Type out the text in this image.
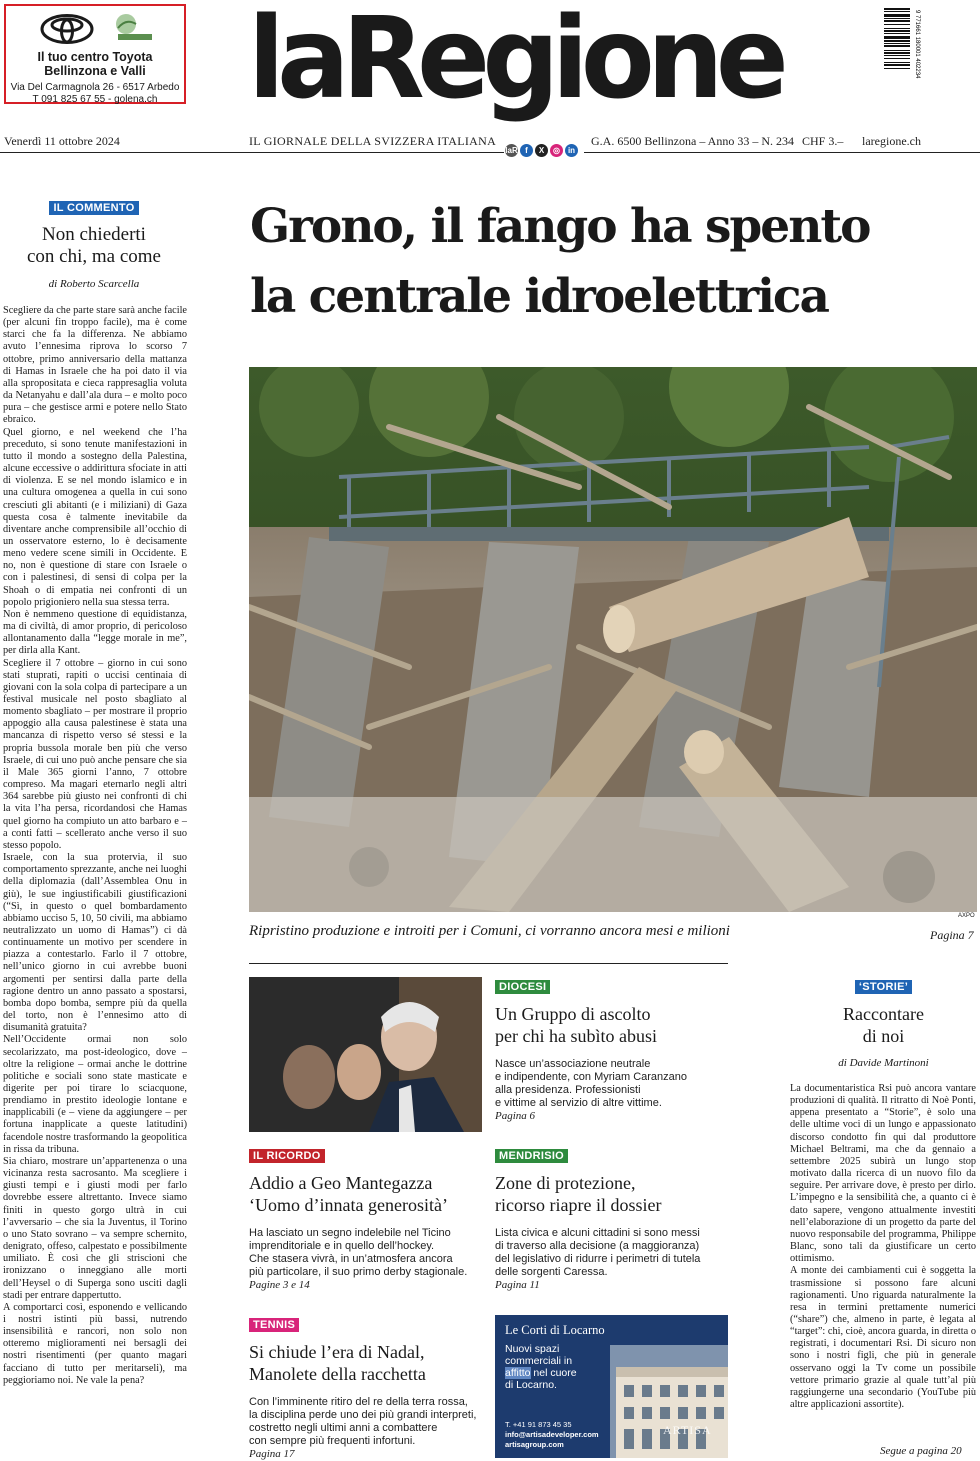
Il tuo centro Toyota
Bellinzona e Valli
Via Del Carmagnola 26 - 6517 Arbedo
T 091 825 67 55 - golena.ch laRegione	9 771661 180001 402234
Venerdì 11 ottobre 2024	IL GIORNALE DELLA SVIZZERA ITALIANA	G.A. 6500 Bellinzona – Anno 33 – N. 234 CHF 3.– laregione.ch
laR f	X	◎ in
IL COMMENTO
Non chiederti
con chi, ma come
di Roberto Scarcella

Scegliere da che parte stare sarà anche facile (per alcuni fin troppo facile), ma è come starci che fa la differenza. Ne abbiamo avuto l’ennesima riprova lo scorso 7 ottobre, primo anniversario della mattanza di Hamas in Israele che ha poi dato il via alla spropositata e cieca rappresaglia voluta da Netanyahu e dall’ala dura – e molto poco pura – che gestisce armi e potere nello Stato ebraico.

Quel giorno, e nel weekend che l’ha preceduto, si sono tenute manifestazioni in tutto il mondo a sostegno della Palestina, alcune eccessive o addirittura sfociate in atti di violenza. E se nel mondo islamico e in una cultura omogenea a quella in cui sono cresciuti gli abitanti (e i miliziani) di Gaza questa cosa è talmente inevitabile da diventare anche comprensibile all’occhio di un osservatore esterno, lo è decisamente meno vedere scene simili in Occidente. E no, non è questione di stare con Israele o con i palestinesi, di sensi di colpa per la Shoah o di empatia nei confronti di un popolo prigioniero nella sua stessa terra.

Non è nemmeno questione di equidistanza, ma di civiltà, di amor proprio, di pericoloso allontanamento dalla “legge morale in me”, per dirla alla Kant.

Scegliere il 7 ottobre – giorno in cui sono stati stuprati, rapiti o uccisi centinaia di giovani con la sola colpa di partecipare a un festival musicale nel posto sbagliato al momento sbagliato – per mostrare il proprio appoggio alla causa palestinese è stata una mancanza di rispetto verso sé stessi e la propria bussola morale ben più che verso Israele, di cui uno può anche pensare che sia il Male 365 giorni l’anno, 7 ottobre compreso. Ma magari eternarlo negli altri 364 sarebbe più giusto nei confronti di chi la vita l’ha persa, ricordandosi che Hamas quel giorno ha compiuto un atto barbaro e – a conti fatti – scellerato anche verso il suo stesso popolo.

Israele, con la sua protervia, il suo comportamento sprezzante, anche nei luoghi della diplomazia (dall’Assemblea Onu in giù), le sue ingiustificabili giustificazioni (“Sì, in questo o quel bombardamento abbiamo ucciso 5, 10, 50 civili, ma abbiamo neutralizzato un uomo di Hamas”) ci dà continuamente un motivo per scendere in piazza a contestarlo. Farlo il 7 ottobre, nell’unico giorno in cui avrebbe buoni argomenti per sentirsi dalla parte della ragione dentro un anno passato a spostarsi, bomba dopo bomba, sempre più da quella del torto, non è l’ennesimo atto di disumanità gratuita?

Nell’Occidente ormai non solo secolarizzato, ma post-ideologico, dove – oltre la religione – ormai anche le dottrine politiche e sociali sono state masticate e digerite per poi tirare lo sciacquone, prendiamo in prestito ideologie lontane e inapplicabili (e – viene da aggiungere – per fortuna inapplicate a queste latitudini) facendole nostre trasformando la geopolitica in rissa da tribuna.

Sia chiaro, mostrare un’appartenenza o una vicinanza resta sacrosanto. Ma scegliere i giusti tempi e i giusti modi per farlo dovrebbe essere altrettanto. Invece siamo finiti in questo gorgo ultrà in cui l’avversario – che sia la Juventus, il Torino o uno Stato sovrano – va sempre schernito, denigrato, offeso, calpestato e possibilmente umiliato. È così che gli striscioni che ironizzano o inneggiano alle morti dell’Heysel o di Superga sono usciti dagli stadi per entrare dappertutto.

A comportarci così, esponendo e vellicando i nostri istinti più bassi, nutrendo insensibilità e rancori, non solo non otteremo miglioramenti nei bersagli dei nostri risentimenti (per quanto magari facciano di tutto per meritarseli), ma peggioriamo noi. Ne vale la pena?

Grono, il fango ha spento
la centrale idroelettrica
AXPO
Ripristino produzione e introiti per i Comuni, ci vorranno ancora mesi e milioni	Pagina 7
IL RICORDO
Addio a Geo Mantegazza
‘Uomo d’innata generosità’
Ha lasciato un segno indelebile nel Ticino
imprenditoriale e in quello dell’hockey.
Che stasera vivrà, in un’atmosfera ancora
più particolare, il suo primo derby stagionale.
Pagine 3 e 14
TENNIS
Si chiude l’era di Nadal,
Manolete della racchetta
Con l’imminente ritiro del re della terra rossa,
la disciplina perde uno dei più grandi interpreti,
costretto negli ultimi anni a combattere
con sempre più frequenti infortuni.
Pagina 17
DIOCESI
Un Gruppo di ascolto
per chi ha subìto abusi
Nasce un’associazione neutrale
e indipendente, con Myriam Caranzano
alla presidenza. Professionisti
e vittime al servizio di altre vittime.
Pagina 6
MENDRISIO
Zone di protezione,
ricorso riapre il dossier
Lista civica e alcuni cittadini si sono messi
di traverso alla decisione (a maggioranza)
del legislativo di ridurre i perimetri di tutela
delle sorgenti Caressa.
Pagina 11
Le Corti di Locarno
Nuovi spazi
commerciali in
affitto nel cuore
di Locarno.
T. +41 91 873 45 35
info@artisadeveloper.com
artisagroup.com
ARTISA
‘STORIE’
Raccontare
di noi
di Davide Martinoni

La documentaristica Rsi può ancora vantare produzioni di qualità. Il ritratto di Noè Ponti, appena presentato a “Storie”, è solo una delle ultime voci di un lungo e appassionato discorso condotto fin qui dal produttore Michael Beltrami, ma che da gennaio a settembre 2025 subirà un lungo stop motivato dalla ricerca di un nuovo filo da seguire. Per arrivare dove, è presto per dirlo. L’impegno e la sensibilità che, a quanto ci è dato sapere, vengono attualmente investiti nell’elaborazione di un progetto da parte del nuovo responsabile del programma, Philippe Blanc, sono tali da giustificare un certo ottimismo.

A monte dei cambiamenti cui è soggetta la trasmissione si possono fare alcuni ragionamenti. Uno riguarda naturalmente la resa in termini prettamente numerici (“share”) che, almeno in parte, è legata al “target”: chi, cioè, ancora guarda, in diretta o registrati, i documentari Rsi. Di sicuro non sono i nostri figli, che più in generale osservano oggi la Tv come un possibile vettore primario grazie al quale tutt’al più raggiungerne una secondario (YouTube più altre applicazioni assortite).

Segue a pagina 20
